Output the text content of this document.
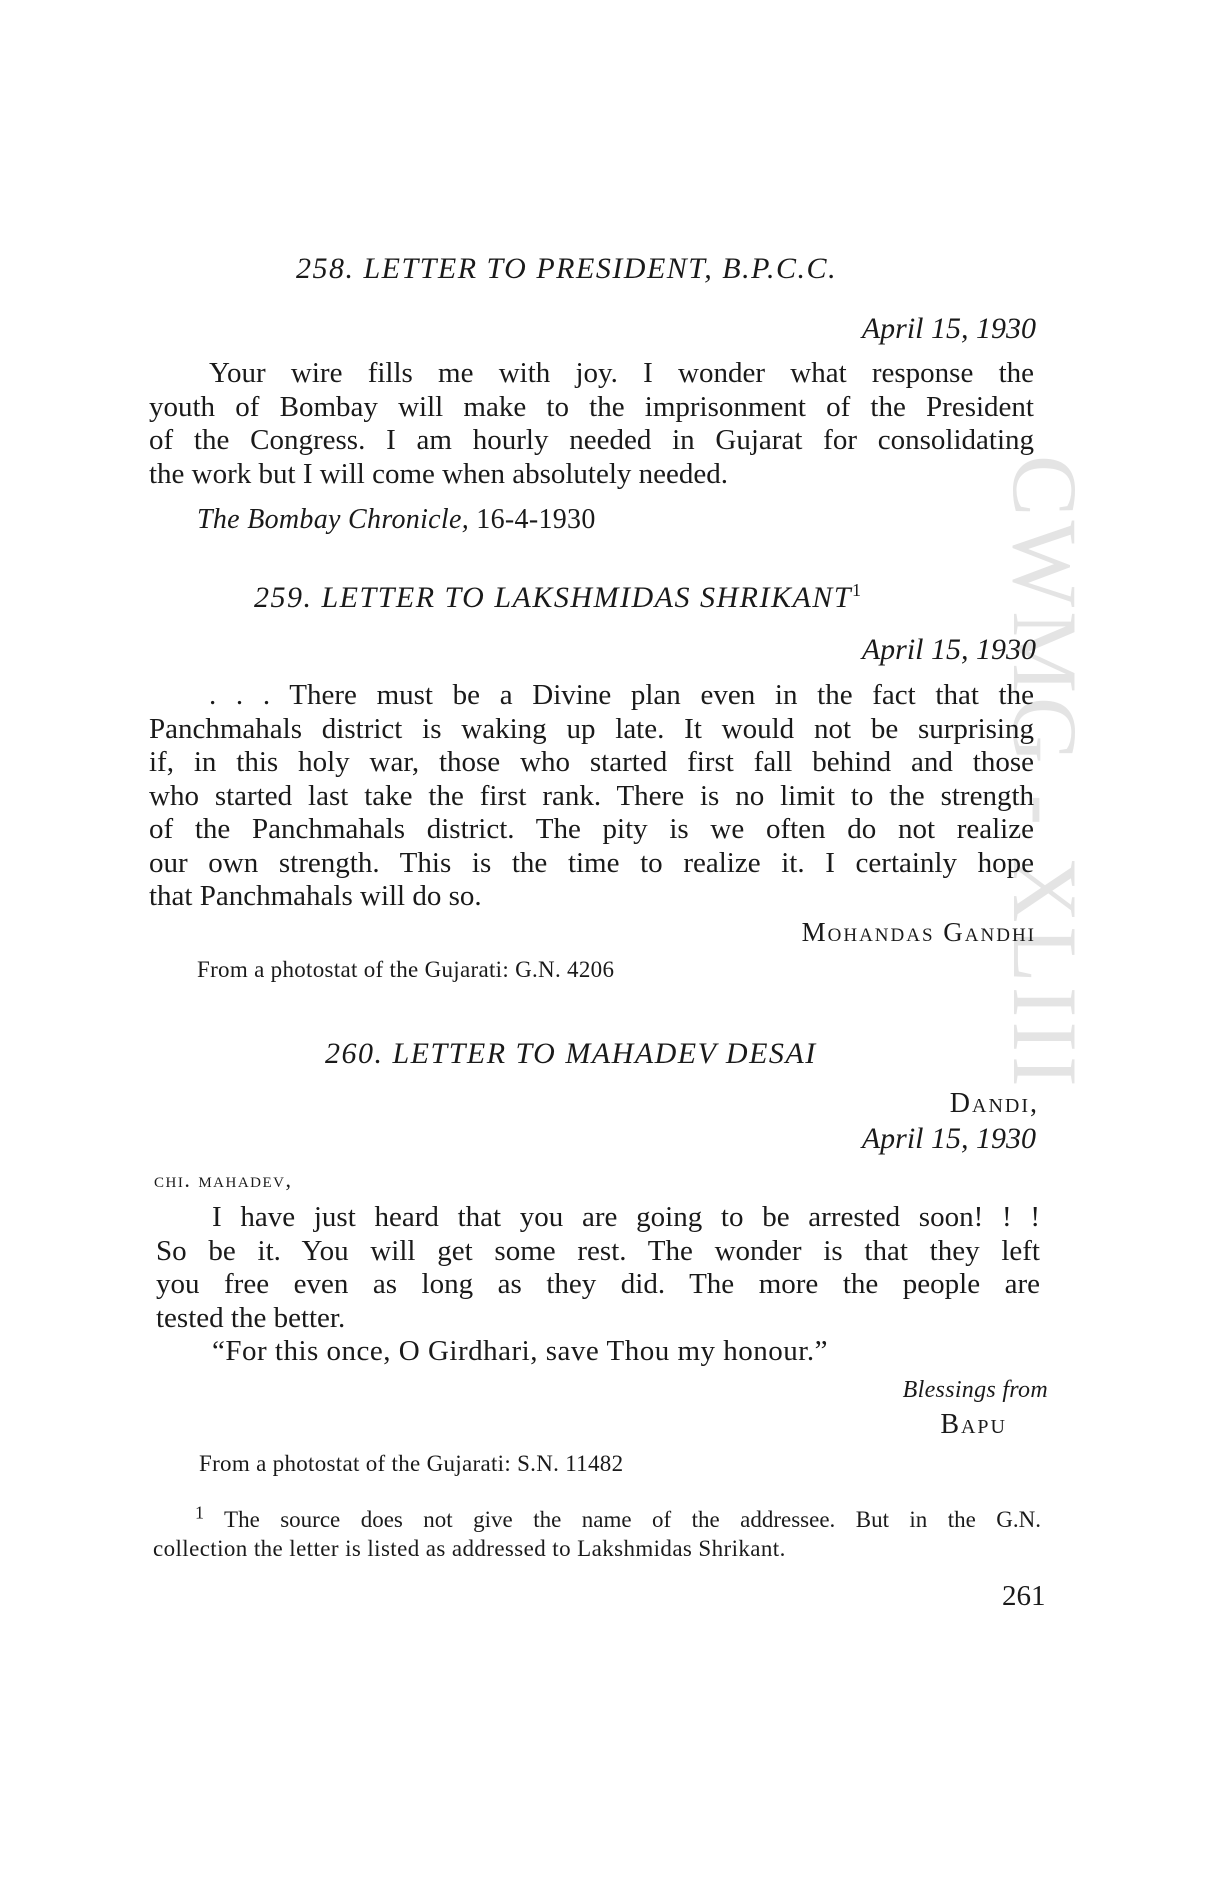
CWMG - XLIII
258. LETTER TO PRESIDENT, B.P.C.C.
April 15, 1930
Your wire fills me with joy. I wonder what response the
youth of Bombay will make to the imprisonment of the President
of the Congress. I am hourly needed in Gujarat for consolidating
the work but I will come when absolutely needed.
The Bombay Chronicle, 16-4-1930
259. LETTER TO LAKSHMIDAS SHRIKANT$^1$
April 15, 1930
. . . There must be a Divine plan even in the fact that the
Panchmahals district is waking up late. It would not be surprising
if, in this holy war, those who started first fall behind and those
who started last take the first rank. There is no limit to the strength
of the Panchmahals district. The pity is we often do not realize
our own strength. This is the time to realize it. I certainly hope
that Panchmahals will do so.
Mohandas Gandhi
From a photostat of the Gujarati: G.N. 4206
260. LETTER TO MAHADEV DESAI
Dandi,
April 15, 1930
chi. mahadev,
I have just heard that you are going to be arrested soon! ! !
So be it. You will get some rest. The wonder is that they left
you free even as long as they did. The more the people are
tested the better.
“For this once, O Girdhari, save Thou my honour.”
Blessings from
Bapu
From a photostat of the Gujarati: S.N. 11482
$^1$ The source does not give the name of the addressee. But in the G.N.
collection the letter is listed as addressed to Lakshmidas Shrikant.
261
